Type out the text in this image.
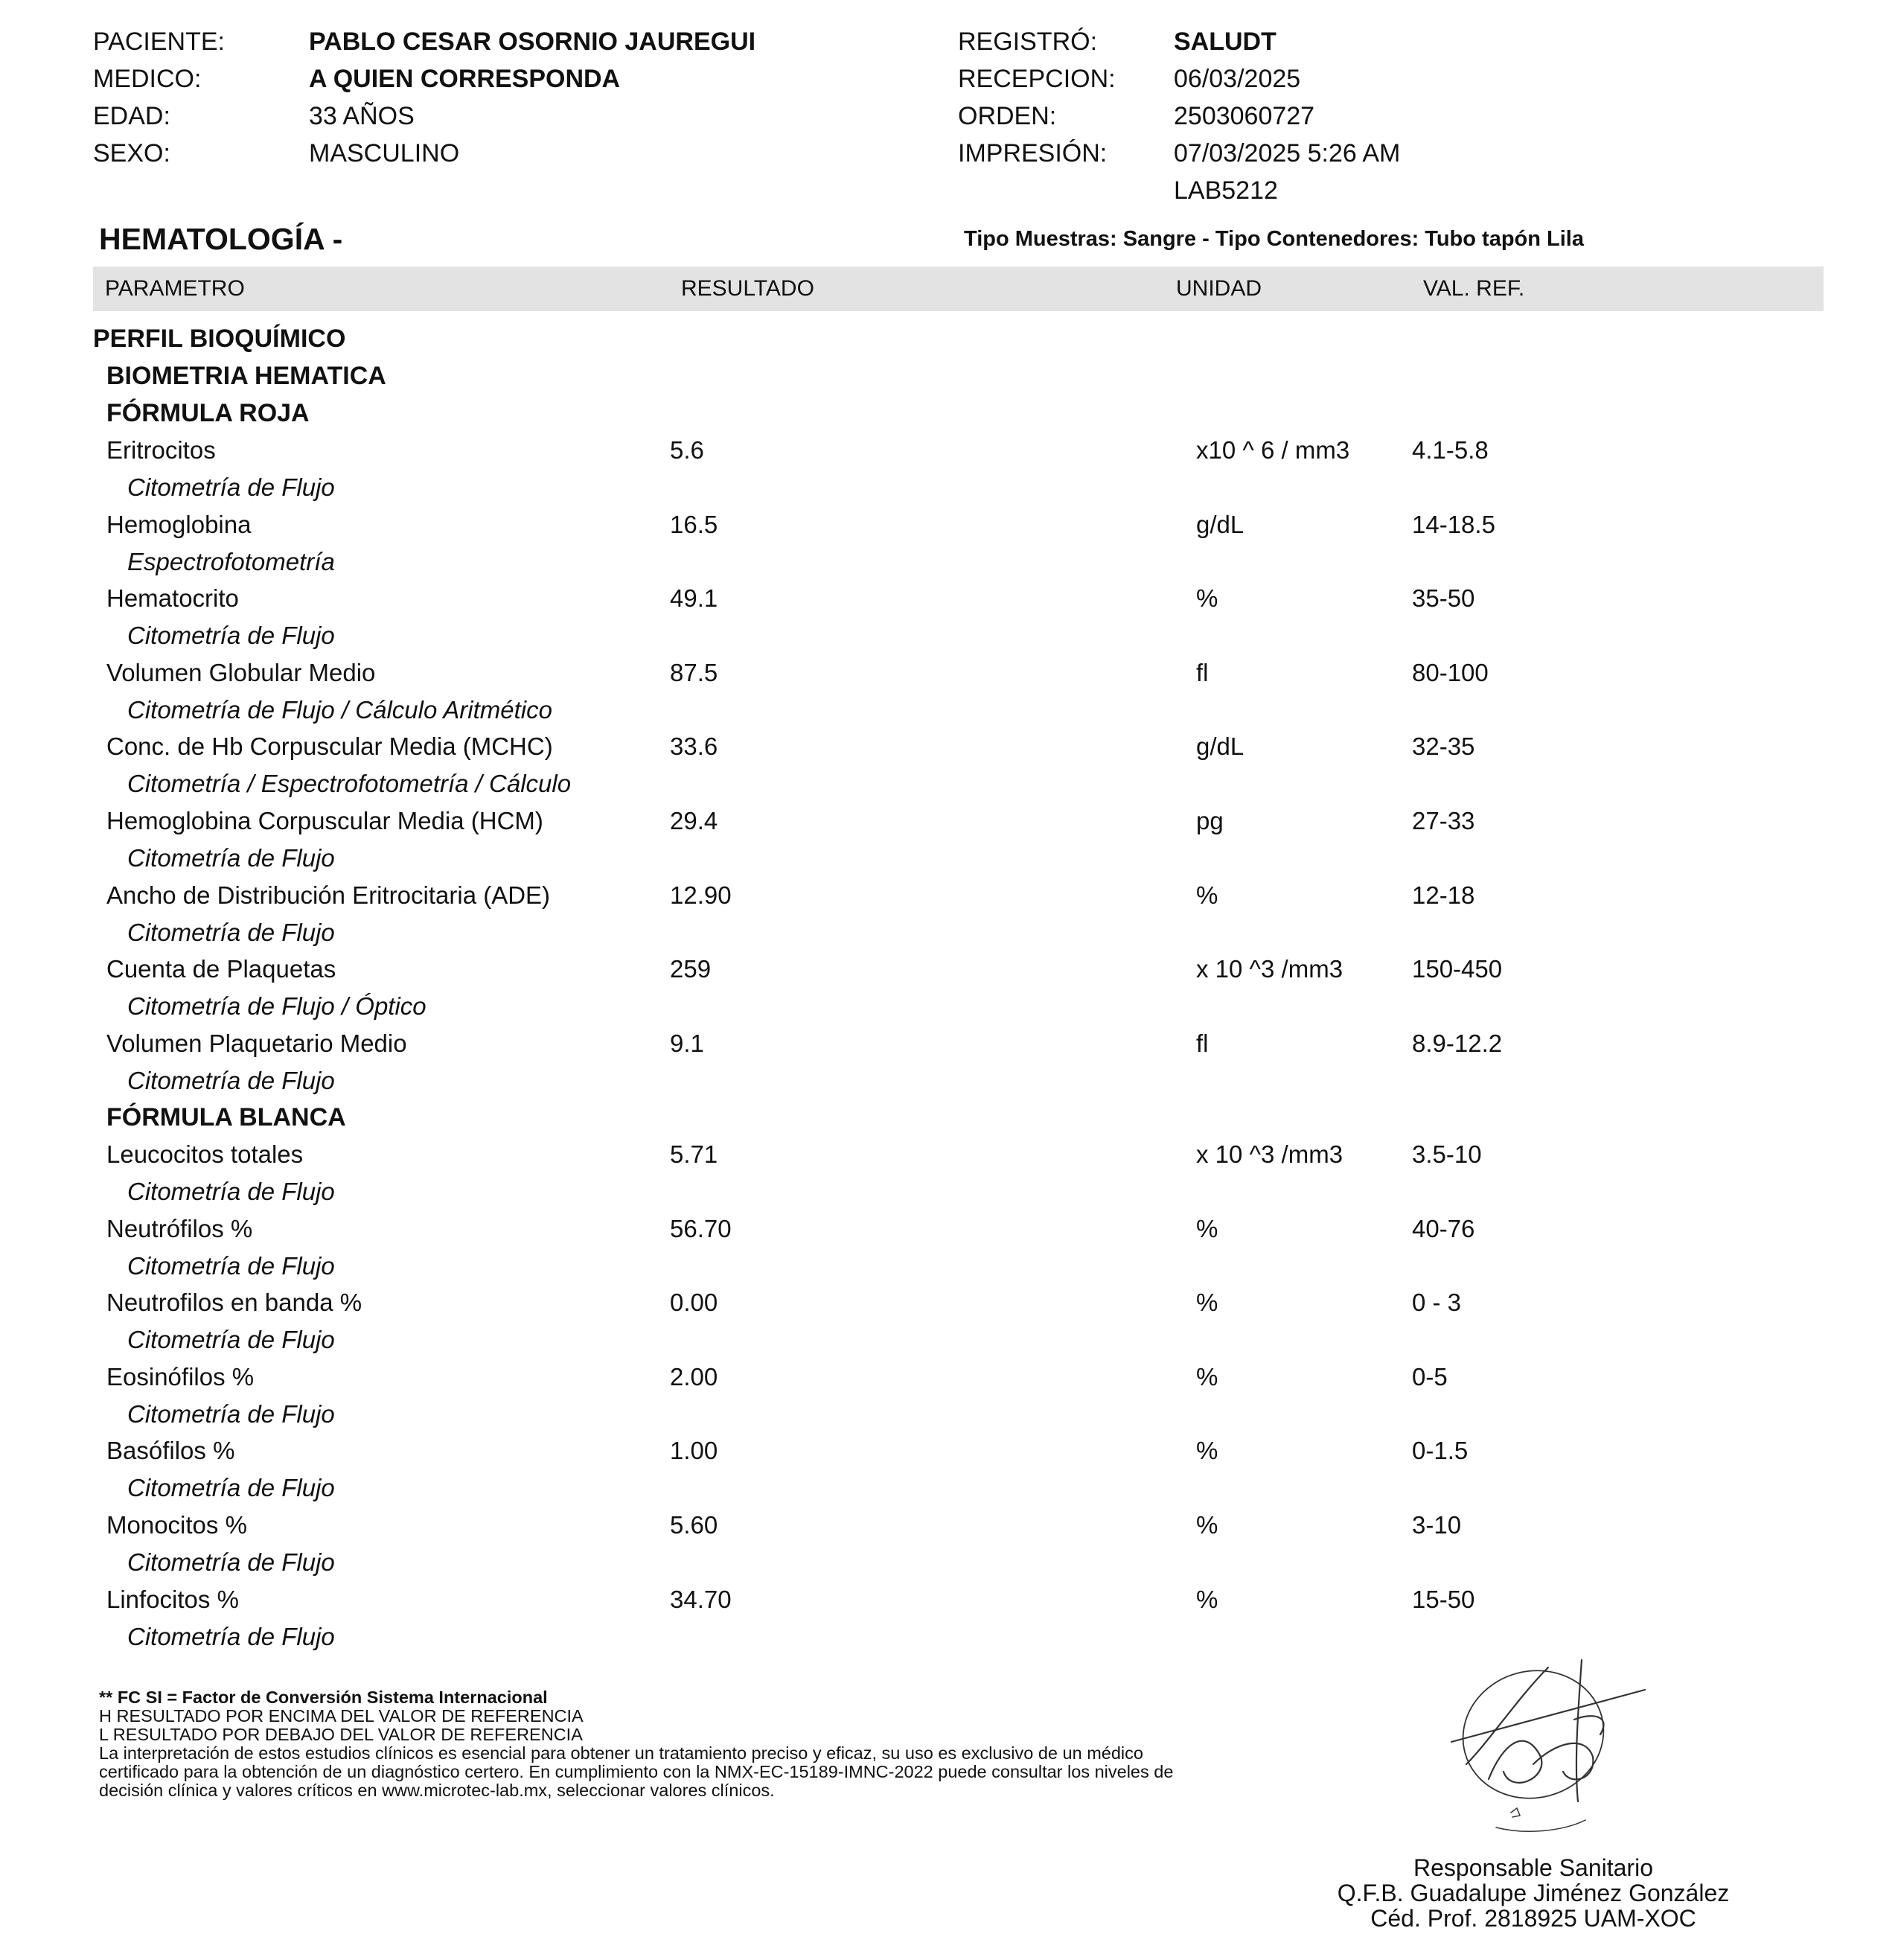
PACIENTE:	PABLO CESAR OSORNIO JAUREGUI
MEDICO:	A QUIEN CORRESPONDA
EDAD:	33 AÑOS
SEXO:	MASCULINO
REGISTRÓ:	SALUDT
RECEPCION: 06/03/2025
ORDEN:	2503060727
IMPRESIÓN:	07/03/2025 5:26 AM
LAB5212
HEMATOLOGÍA -	Tipo Muestras: Sangre - Tipo Contenedores: Tubo tapón Lila
PARAMETRO	RESULTADO	UNIDAD	VAL. REF.
PERFIL BIOQUÍMICO
BIOMETRIA HEMATICA
FÓRMULA ROJA
Eritrocitos	5.6	x10 ^ 6 / mm3	4.1-5.8
Citometría de Flujo
Hemoglobina	16.5	g/dL	14-18.5
Espectrofotometría
Hematocrito	49.1	%	35-50
Citometría de Flujo
Volumen Globular Medio	87.5	fl	80-100
Citometría de Flujo / Cálculo Aritmético
Conc. de Hb Corpuscular Media (MCHC)	33.6	g/dL	32-35
Citometría / Espectrofotometría / Cálculo
Hemoglobina Corpuscular Media (HCM)	29.4	pg	27-33
Citometría de Flujo
Ancho de Distribución Eritrocitaria (ADE)	12.90	%	12-18
Citometría de Flujo
Cuenta de Plaquetas	259	x 10 ^3 /mm3	150-450
Citometría de Flujo / Óptico
Volumen Plaquetario Medio	9.1	fl	8.9-12.2
Citometría de Flujo
FÓRMULA BLANCA
Leucocitos totales	5.71	x 10 ^3 /mm3	3.5-10
Citometría de Flujo
Neutrófilos %	56.70	%	40-76
Citometría de Flujo
Neutrofilos en banda %	0.00	%	0 - 3
Citometría de Flujo
Eosinófilos %	2.00	%	0-5
Citometría de Flujo
Basófilos %	1.00	%	0-1.5
Citometría de Flujo
Monocitos %	5.60	%	3-10
Citometría de Flujo
Linfocitos %	34.70	%	15-50
Citometría de Flujo
** FC SI = Factor de Conversión Sistema Internacional
H RESULTADO POR ENCIMA DEL VALOR DE REFERENCIA
L RESULTADO POR DEBAJO DEL VALOR DE REFERENCIA
La interpretación de estos estudios clínicos es esencial para obtener un tratamiento preciso y eficaz, su uso es exclusivo de un médico
certificado para la obtención de un diagnóstico certero. En cumplimiento con la NMX-EC-15189-IMNC-2022 puede consultar los niveles de
decisión clínica y valores críticos en www.microtec-lab.mx, seleccionar valores clínicos.
Responsable Sanitario
Q.F.B. Guadalupe Jiménez González
Céd. Prof. 2818925 UAM-XOC
